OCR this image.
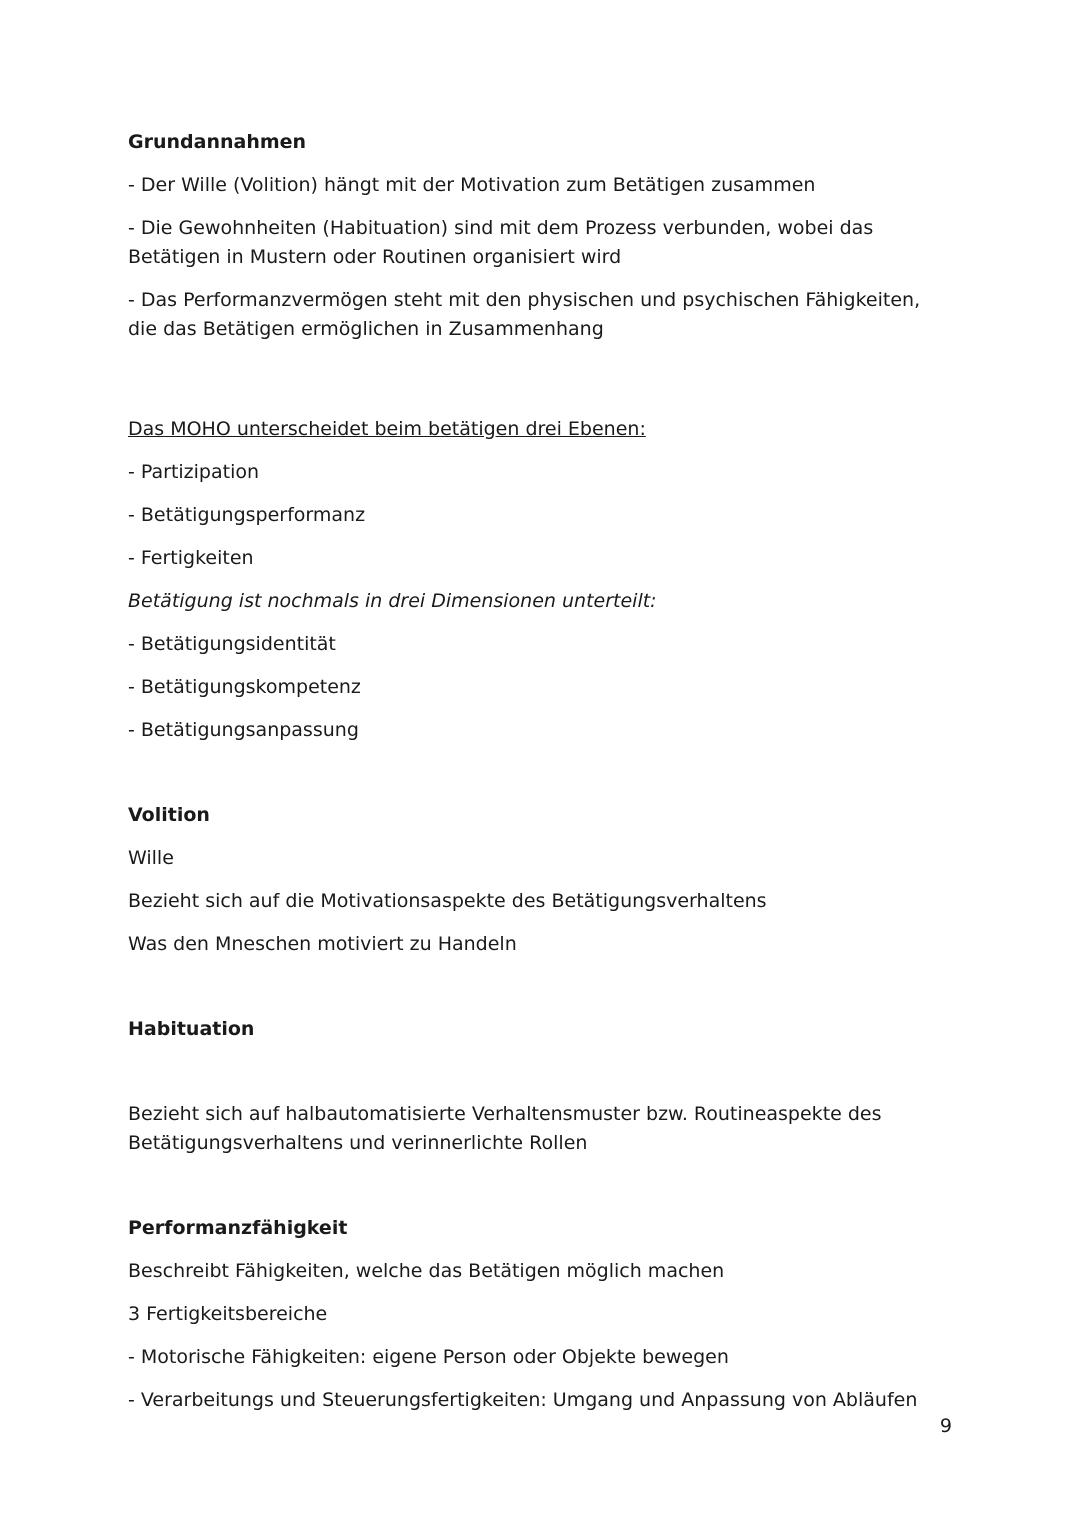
Grundannahmen

- Der Wille (Volition) hängt mit der Motivation zum Betätigen zusammen

- Die Gewohnheiten (Habituation) sind mit dem Prozess verbunden, wobei das Betätigen in Mustern oder Routinen organisiert wird

- Das Performanzvermögen steht mit den physischen und psychischen Fähigkeiten, die das Betätigen ermöglichen in Zusammenhang

Das MOHO unterscheidet beim betätigen drei Ebenen:

- Partizipation

- Betätigungsperformanz

- Fertigkeiten

Betätigung ist nochmals in drei Dimensionen unterteilt:

- Betätigungsidentität

- Betätigungskompetenz

- Betätigungsanpassung

Volition

Wille

Bezieht sich auf die Motivationsaspekte des Betätigungsverhaltens

Was den Mneschen motiviert zu Handeln

Habituation

Bezieht sich auf halbautomatisierte Verhaltensmuster bzw. Routineaspekte des Betätigungsverhaltens und verinnerlichte Rollen

Performanzfähigkeit

Beschreibt Fähigkeiten, welche das Betätigen möglich machen

3 Fertigkeitsbereiche

- Motorische Fähigkeiten: eigene Person oder Objekte bewegen

- Verarbeitungs und Steuerungsfertigkeiten: Umgang und Anpassung von Abläufen

9
